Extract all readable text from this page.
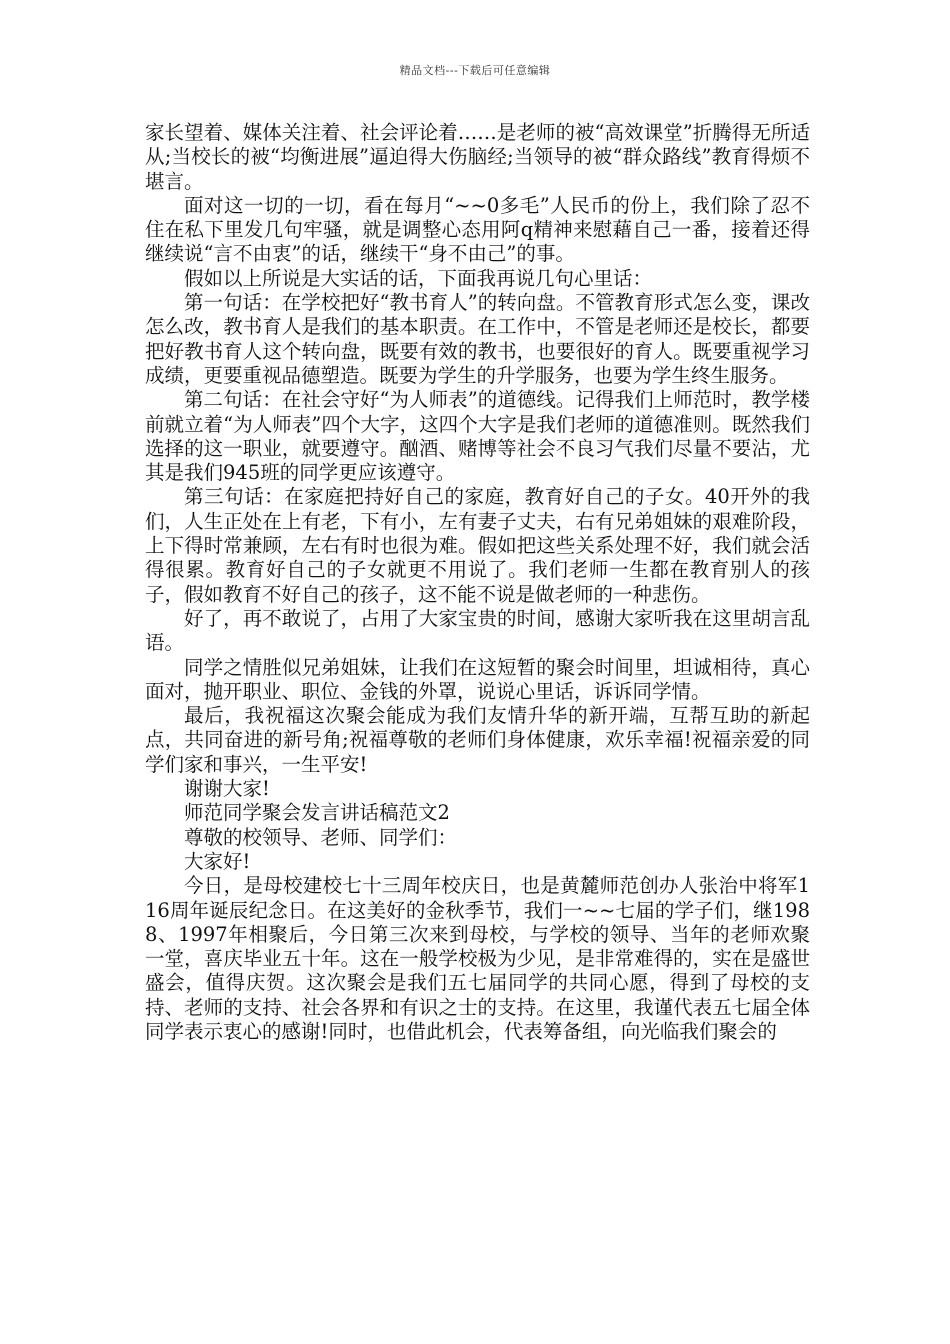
精品文档---下载后可任意编辑

家长望着、媒体关注着、社会评论着……是老师的被“高效课堂”折腾得无所适从;当校长的被“均衡进展”逼迫得大伤脑经;当领导的被“群众路线”教育得烦不堪言。

面对这一切的一切，看在每月“~~0多毛”人民币的份上，我们除了忍不住在私下里发几句牢骚，就是调整心态用阿q精神来慰藉自己一番，接着还得继续说“言不由衷”的话，继续干“身不由己”的事。

假如以上所说是大实话的话，下面我再说几句心里话：

第一句话：在学校把好“教书育人”的转向盘。不管教育形式怎么变，课改怎么改，教书育人是我们的基本职责。在工作中，不管是老师还是校长，都要把好教书育人这个转向盘，既要有效的教书，也要很好的育人。既要重视学习成绩，更要重视品德塑造。既要为学生的升学服务，也要为学生终生服务。

第二句话：在社会守好“为人师表”的道德线。记得我们上师范时，教学楼前就立着“为人师表”四个大字，这四个大字是我们老师的道德准则。既然我们选择的这一职业，就要遵守。酗酒、赌博等社会不良习气我们尽量不要沾，尤其是我们945班的同学更应该遵守。

第三句话：在家庭把持好自己的家庭，教育好自己的子女。40开外的我们，人生正处在上有老，下有小，左有妻子丈夫，右有兄弟姐妹的艰难阶段，上下得时常兼顾，左右有时也很为难。假如把这些关系处理不好，我们就会活得很累。教育好自己的子女就更不用说了。我们老师一生都在教育别人的孩子，假如教育不好自己的孩子，这不能不说是做老师的一种悲伤。

好了，再不敢说了，占用了大家宝贵的时间，感谢大家听我在这里胡言乱语。

同学之情胜似兄弟姐妹，让我们在这短暂的聚会时间里，坦诚相待，真心面对，抛开职业、职位、金钱的外罩，说说心里话，诉诉同学情。

最后，我祝福这次聚会能成为我们友情升华的新开端，互帮互助的新起点，共同奋进的新号角;祝福尊敬的老师们身体健康，欢乐幸福!祝福亲爱的同学们家和事兴，一生平安!

谢谢大家!

师范同学聚会发言讲话稿范文2

尊敬的校领导、老师、同学们：

大家好!

今日，是母校建校七十三周年校庆日，也是黄麓师范创办人张治中将军116周年诞辰纪念日。在这美好的金秋季节，我们一~~七届的学子们，继1988、1997年相聚后，今日第三次来到母校，与学校的领导、当年的老师欢聚一堂，喜庆毕业五十年。这在一般学校极为少见，是非常难得的，实在是盛世盛会，值得庆贺。这次聚会是我们五七届同学的共同心愿，得到了母校的支持、老师的支持、社会各界和有识之士的支持。在这里，我谨代表五七届全体同学表示衷心的感谢!同时，也借此机会，代表筹备组，向光临我们聚会的
